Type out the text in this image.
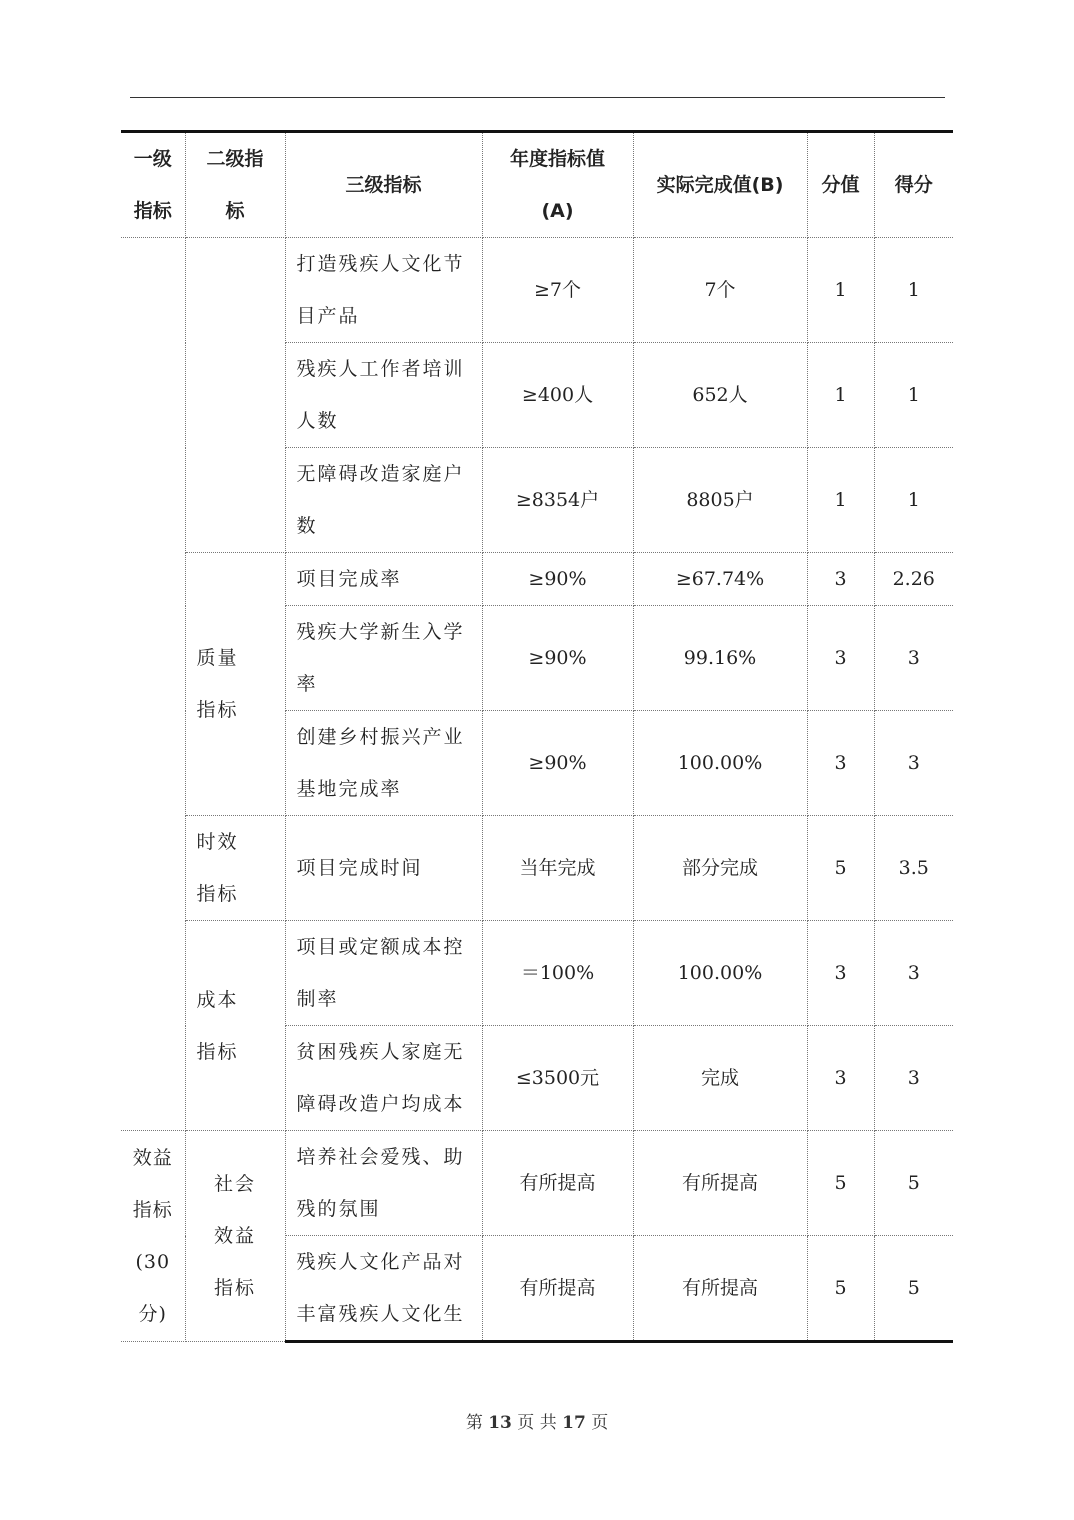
一级指标	二级指标	三级指标	年度指标值(A)	实际完成值(B)	分值	得分
		打造残疾人文化节目产品	≥7个	7个	1	1
		残疾人工作者培训人数	≥400人	652人	1	1
		无障碍改造家庭户数	≥8354户	8805户	1	1
	质量指标	项目完成率	≥90%	≥67.74%	3	2.26
		残疾大学新生入学率	≥90%	99.16%	3	3
		创建乡村振兴产业基地完成率	≥90%	100.00%	3	3
	时效指标	项目完成时间	当年完成	部分完成	5	3.5
	成本指标	项目或定额成本控制率	＝100%	100.00%	3	3
		贫困残疾人家庭无障碍改造户均成本	≤3500元	完成	3	3
效益指标(30分)	社会效益指标	培养社会爱残、助残的氛围	有所提高	有所提高	5	5
		残疾人文化产品对丰富残疾人文化生	有所提高	有所提高	5	5
第 13 页 共 17 页
